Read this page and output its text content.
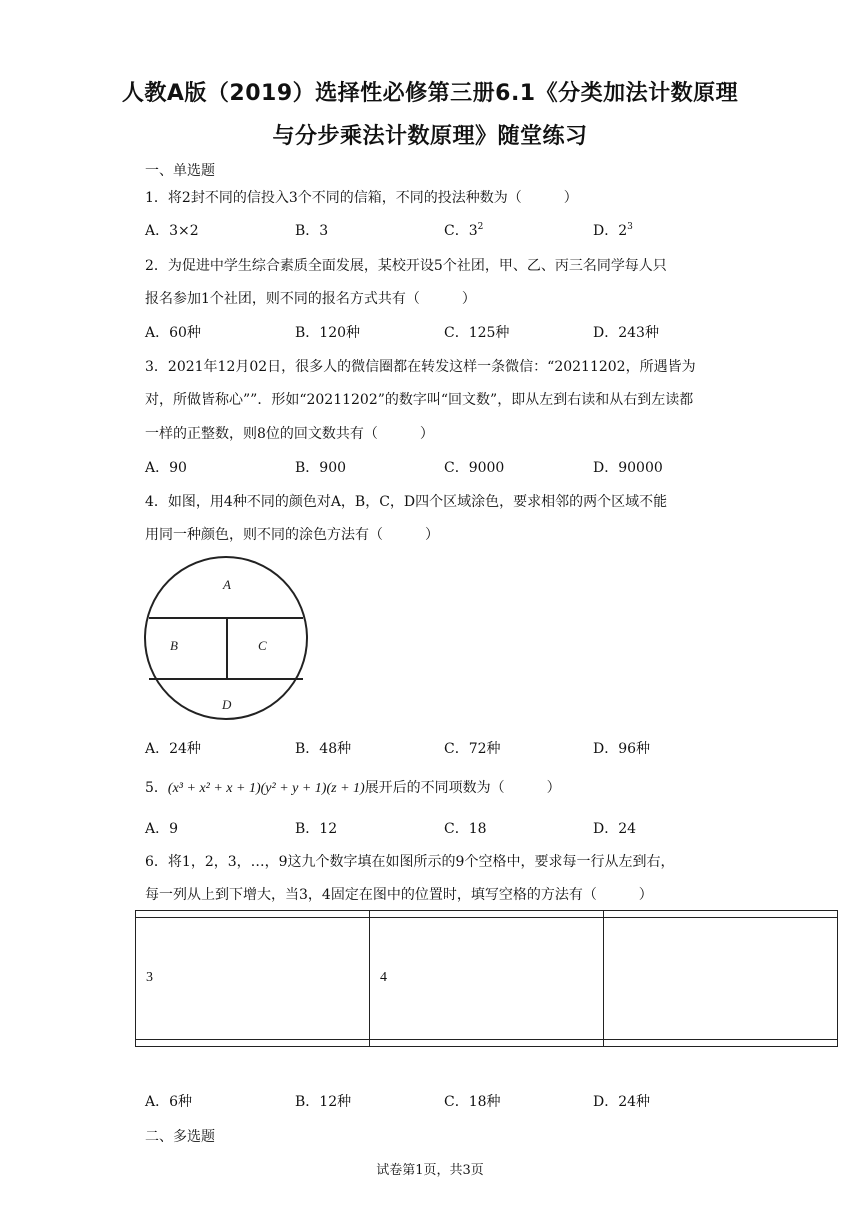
人教A版（2019）选择性必修第三册6.1《分类加法计数原理
与分步乘法计数原理》随堂练习
一、单选题
1．将2封不同的信投入3个不同的信箱，不同的投法种数为（　　　）
A．3×2	B．3	C．$3^2$	D．$2^3$
2．为促进中学生综合素质全面发展，某校开设5个社团，甲、乙、丙三名同学每人只
报名参加1个社团，则不同的报名方式共有（　　　）
A．60种	B．120种	C．125种	D．243种
3．2021年12月02日，很多人的微信圈都在转发这样一条微信：“20211202，所遇皆为
对，所做皆称心””．形如“20211202”的数字叫“回文数”，即从左到右读和从右到左读都
一样的正整数，则8位的回文数共有（　　　）
A．90	B．900	C．9000	D．90000
4．如图，用4种不同的颜色对A，B，C，D四个区域涂色，要求相邻的两个区域不能
用同一种颜色，则不同的涂色方法有（　　　）
A
B	C
D
A．24种	B．48种	C．72种	D．96种
5．(x³ + x² + x + 1)(y² + y + 1)(z + 1)展开后的不同项数为（　　　）
A．9	B．12	C．18	D．24
6．将1，2，3，…，9这九个数字填在如图所示的9个空格中，要求每一行从左到右，
每一列从上到下增大，当3，4固定在图中的位置时，填写空格的方法有（　　　）

3	4	

A．6种	B．12种	C．18种	D．24种
二、多选题
试卷第1页，共3页
